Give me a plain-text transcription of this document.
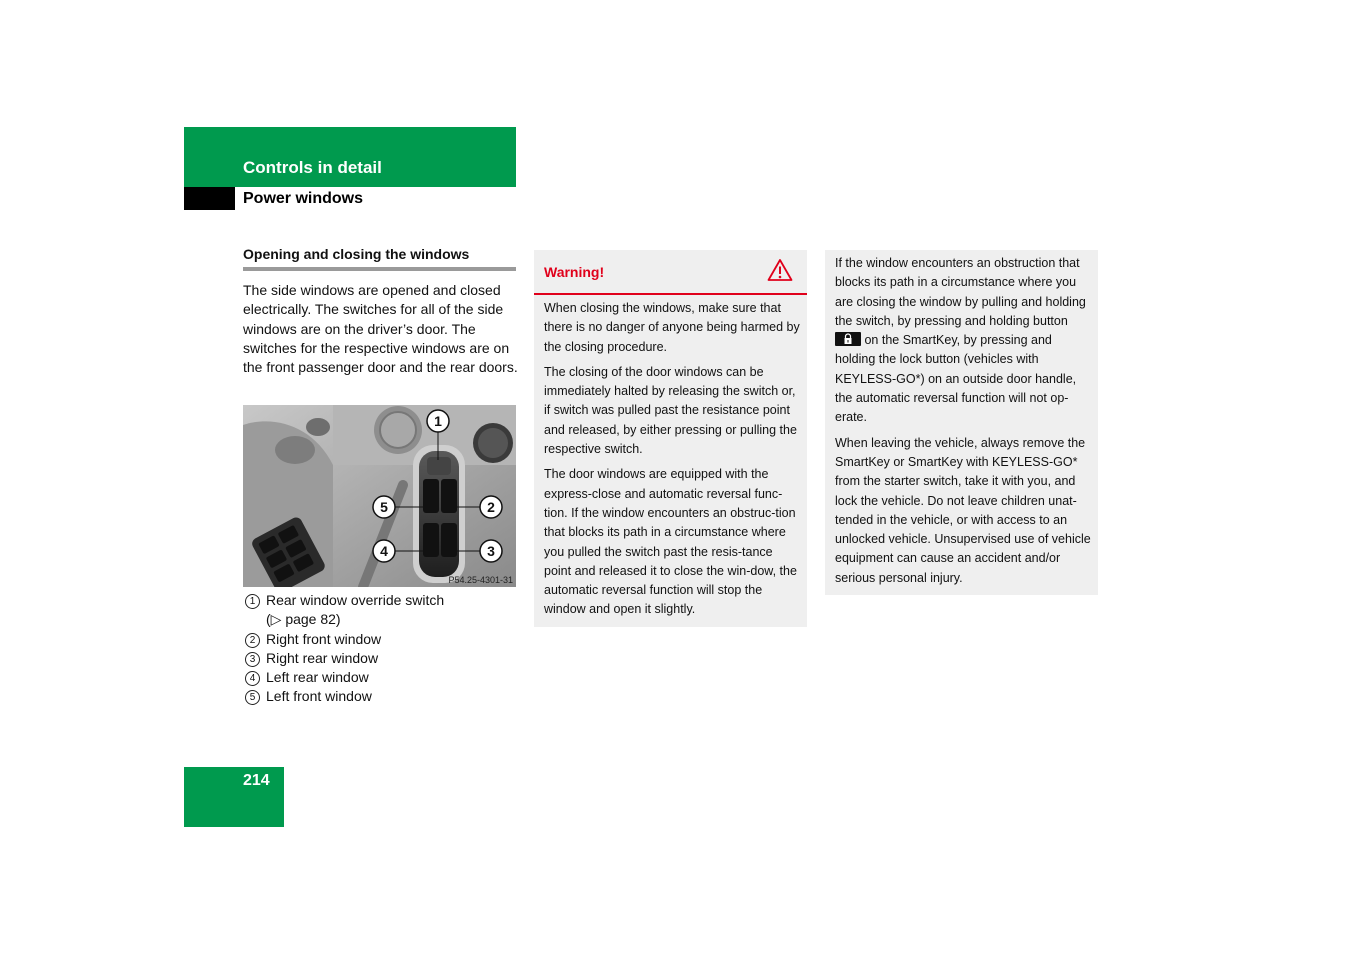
Controls in detail
Power windows
Opening and closing the windows
The side windows are opened and closed electrically. The switches for all of the side windows are on the driver’s door. The switches for the respective windows are on the front passenger door and the rear doors.
1
2
3
4
5
P54.25-4301-31
1 Rear window override switch
(▷ page 82)
2 Right front window
3 Right rear window
4 Left rear window
5 Left front window
Warning!

When closing the windows, make sure that there is no danger of anyone being harmed by the closing procedure.

The closing of the door windows can be immediately halted by releasing the switch or, if switch was pulled past the resistance point and released, by either pressing or pulling the respective switch.

The door windows are equipped with the express-close and automatic reversal func-tion. If the window encounters an obstruc-tion that blocks its path in a circumstance where you pulled the switch past the resis-tance point and released it to close the win-dow, the automatic reversal function will stop the window and open it slightly.

If the window encounters an obstruction that blocks its path in a circumstance where you are closing the window by pulling and holding the switch, by pressing and holding button
on the SmartKey, by pressing and holding the lock button (vehicles with KEYLESS-GO*) on an outside door handle, the automatic reversal function will not op-erate.

When leaving the vehicle, always remove the SmartKey or SmartKey with KEYLESS-GO* from the starter switch, take it with you, and lock the vehicle. Do not leave children unat-tended in the vehicle, or with access to an unlocked vehicle. Unsupervised use of vehicle equipment can cause an accident and/or serious personal injury.

214
